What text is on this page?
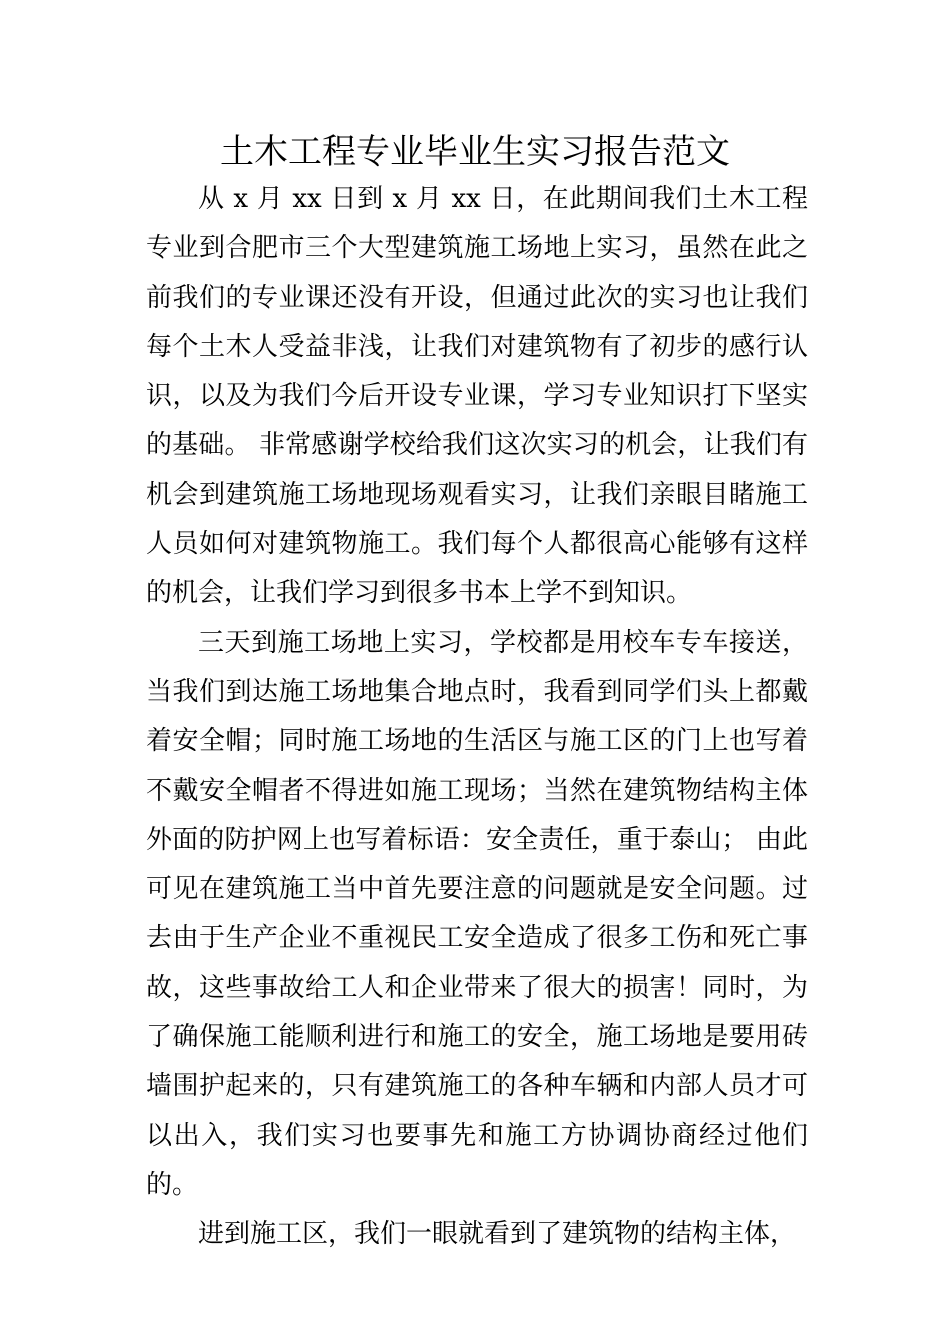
土木工程专业毕业生实习报告范文

从 x 月 xx 日到 x 月 xx 日，在此期间我们土木工程专业到合肥市三个大型建筑施工场地上实习，虽然在此之前我们的专业课还没有开设，但通过此次的实习也让我们每个土木人受益非浅，让我们对建筑物有了初步的感行认识，以及为我们今后开设专业课，学习专业知识打下坚实的基础。 非常感谢学校给我们这次实习的机会，让我们有机会到建筑施工场地现场观看实习，让我们亲眼目睹施工人员如何对建筑物施工。我们每个人都很高心能够有这样的机会，让我们学习到很多书本上学不到知识。

三天到施工场地上实习，学校都是用校车专车接送，当我们到达施工场地集合地点时，我看到同学们头上都戴着安全帽；同时施工场地的生活区与施工区的门上也写着不戴安全帽者不得进如施工现场；当然在建筑物结构主体外面的防护网上也写着标语：安全责任，重于泰山； 由此可见在建筑施工当中首先要注意的问题就是安全问题。过去由于生产企业不重视民工安全造成了很多工伤和死亡事故，这些事故给工人和企业带来了很大的损害！同时，为了确保施工能顺利进行和施工的安全，施工场地是要用砖墙围护起来的，只有建筑施工的各种车辆和内部人员才可以出入，我们实习也要事先和施工方协调协商经过他们的。

进到施工区，我们一眼就看到了建筑物的结构主体，
